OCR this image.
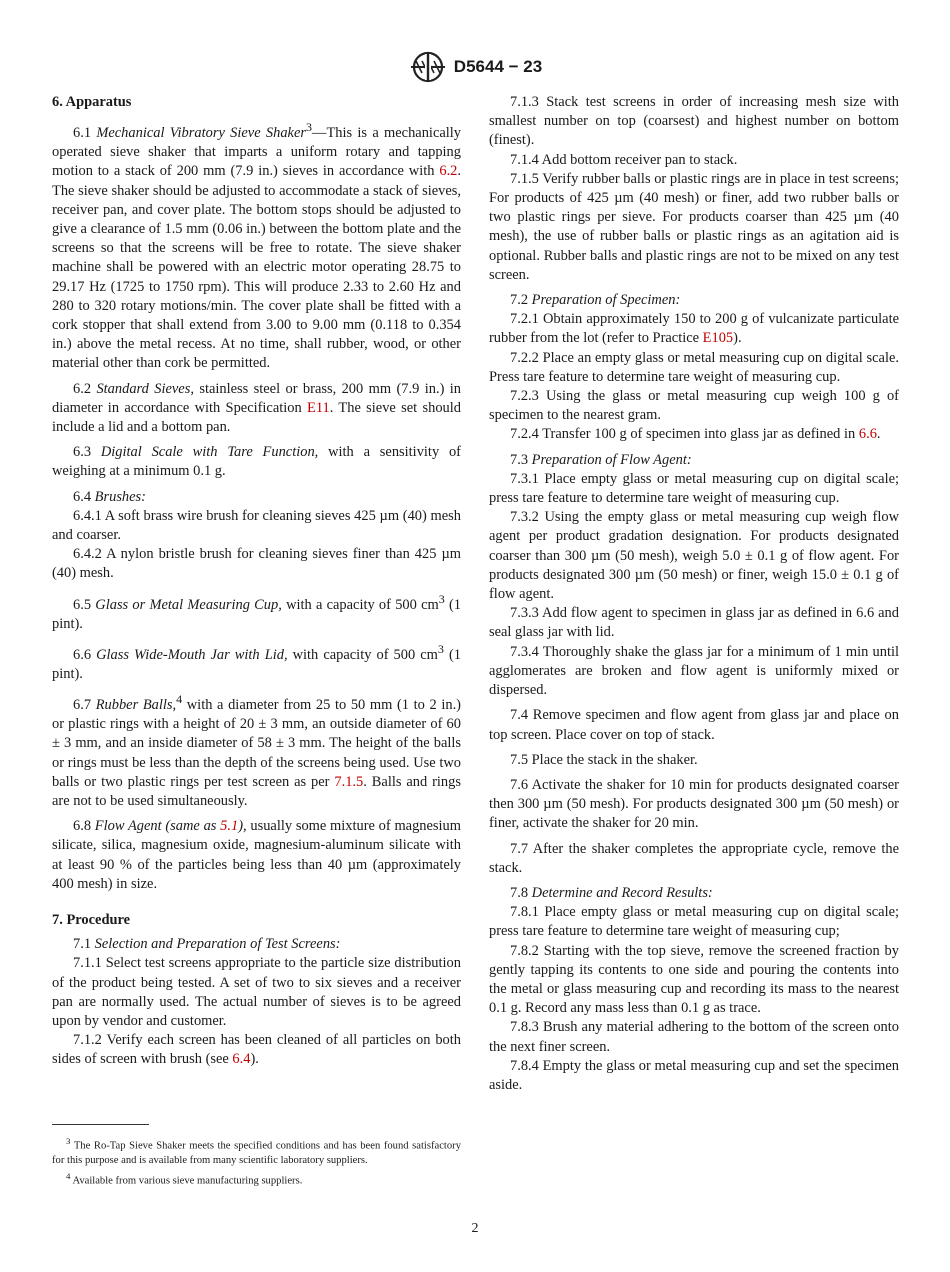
D5644 − 23
6. Apparatus

6.1 Mechanical Vibratory Sieve Shaker$^3$—This is a mechanically operated sieve shaker that imparts a uniform rotary and tapping motion to a stack of 200 mm (7.9 in.) sieves in accordance with 6.2. The sieve shaker should be adjusted to accommodate a stack of sieves, receiver pan, and cover plate. The bottom stops should be adjusted to give a clearance of 1.5 mm (0.06 in.) between the bottom plate and the screens so that the screens will be free to rotate. The sieve shaker machine shall be powered with an electric motor operating 28.75 to 29.17 Hz (1725 to 1750 rpm). This will produce 2.33 to 2.60 Hz and 280 to 320 rotary motions/min. The cover plate shall be fitted with a cork stopper that shall extend from 3.00 to 9.00 mm (0.118 to 0.354 in.) above the metal recess. At no time, shall rubber, wood, or other material other than cork be permitted.

6.2 Standard Sieves, stainless steel or brass, 200 mm (7.9 in.) in diameter in accordance with Specification E11. The sieve set should include a lid and a bottom pan.

6.3 Digital Scale with Tare Function, with a sensitivity of weighing at a minimum 0.1 g.

6.4 Brushes:

6.4.1 A soft brass wire brush for cleaning sieves 425 µm (40) mesh and coarser.

6.4.2 A nylon bristle brush for cleaning sieves finer than 425 µm (40) mesh.

6.5 Glass or Metal Measuring Cup, with a capacity of 500 $cm^3$ (1 pint).

6.6 Glass Wide-Mouth Jar with Lid, with capacity of 500 $cm^3$ (1 pint).

6.7 Rubber Balls,$^4$ with a diameter from 25 to 50 mm (1 to 2 in.) or plastic rings with a height of 20 ± 3 mm, an outside diameter of 60 ± 3 mm, and an inside diameter of 58 ± 3 mm. The height of the balls or rings must be less than the depth of the screens being used. Use two balls or two plastic rings per test screen as per 7.1.5. Balls and rings are not to be used simultaneously.

6.8 Flow Agent (same as 5.1), usually some mixture of magnesium silicate, silica, magnesium oxide, magnesium-aluminum silicate with at least 90 % of the particles being less than 40 µm (approximately 400 mesh) in size.

7. Procedure

7.1 Selection and Preparation of Test Screens:

7.1.1 Select test screens appropriate to the particle size distribution of the product being tested. A set of two to six sieves and a receiver pan are normally used. The actual number of sieves is to be agreed upon by vendor and customer.

7.1.2 Verify each screen has been cleaned of all particles on both sides of screen with brush (see 6.4).

7.1.3 Stack test screens in order of increasing mesh size with smallest number on top (coarsest) and highest number on bottom (finest).

7.1.4 Add bottom receiver pan to stack.

7.1.5 Verify rubber balls or plastic rings are in place in test screens; For products of 425 µm (40 mesh) or finer, add two rubber balls or two plastic rings per sieve. For products coarser than 425 µm (40 mesh), the use of rubber balls or plastic rings as an agitation aid is optional. Rubber balls and plastic rings are not to be mixed on any test screen.

7.2 Preparation of Specimen:

7.2.1 Obtain approximately 150 to 200 g of vulcanizate particulate rubber from the lot (refer to Practice E105).

7.2.2 Place an empty glass or metal measuring cup on digital scale. Press tare feature to determine tare weight of measuring cup.

7.2.3 Using the glass or metal measuring cup weigh 100 g of specimen to the nearest gram.

7.2.4 Transfer 100 g of specimen into glass jar as defined in 6.6.

7.3 Preparation of Flow Agent:

7.3.1 Place empty glass or metal measuring cup on digital scale; press tare feature to determine tare weight of measuring cup.

7.3.2 Using the empty glass or metal measuring cup weigh flow agent per product gradation designation. For products designated coarser than 300 µm (50 mesh), weigh 5.0 ± 0.1 g of flow agent. For products designated 300 µm (50 mesh) or finer, weigh 15.0 ± 0.1 g of flow agent.

7.3.3 Add flow agent to specimen in glass jar as defined in 6.6 and seal glass jar with lid.

7.3.4 Thoroughly shake the glass jar for a minimum of 1 min until agglomerates are broken and flow agent is uniformly mixed or dispersed.

7.4 Remove specimen and flow agent from glass jar and place on top screen. Place cover on top of stack.

7.5 Place the stack in the shaker.

7.6 Activate the shaker for 10 min for products designated coarser then 300 µm (50 mesh). For products designated 300 µm (50 mesh) or finer, activate the shaker for 20 min.

7.7 After the shaker completes the appropriate cycle, remove the stack.

7.8 Determine and Record Results:

7.8.1 Place empty glass or metal measuring cup on digital scale; press tare feature to determine tare weight of measuring cup;

7.8.2 Starting with the top sieve, remove the screened fraction by gently tapping its contents to one side and pouring the contents into the metal or glass measuring cup and recording its mass to the nearest 0.1 g. Record any mass less than 0.1 g as trace.

7.8.3 Brush any material adhering to the bottom of the screen onto the next finer screen.

7.8.4 Empty the glass or metal measuring cup and set the specimen aside.

$^3$ The Ro-Tap Sieve Shaker meets the specified conditions and has been found satisfactory for this purpose and is available from many scientific laboratory suppliers.

$^4$ Available from various sieve manufacturing suppliers.

2
